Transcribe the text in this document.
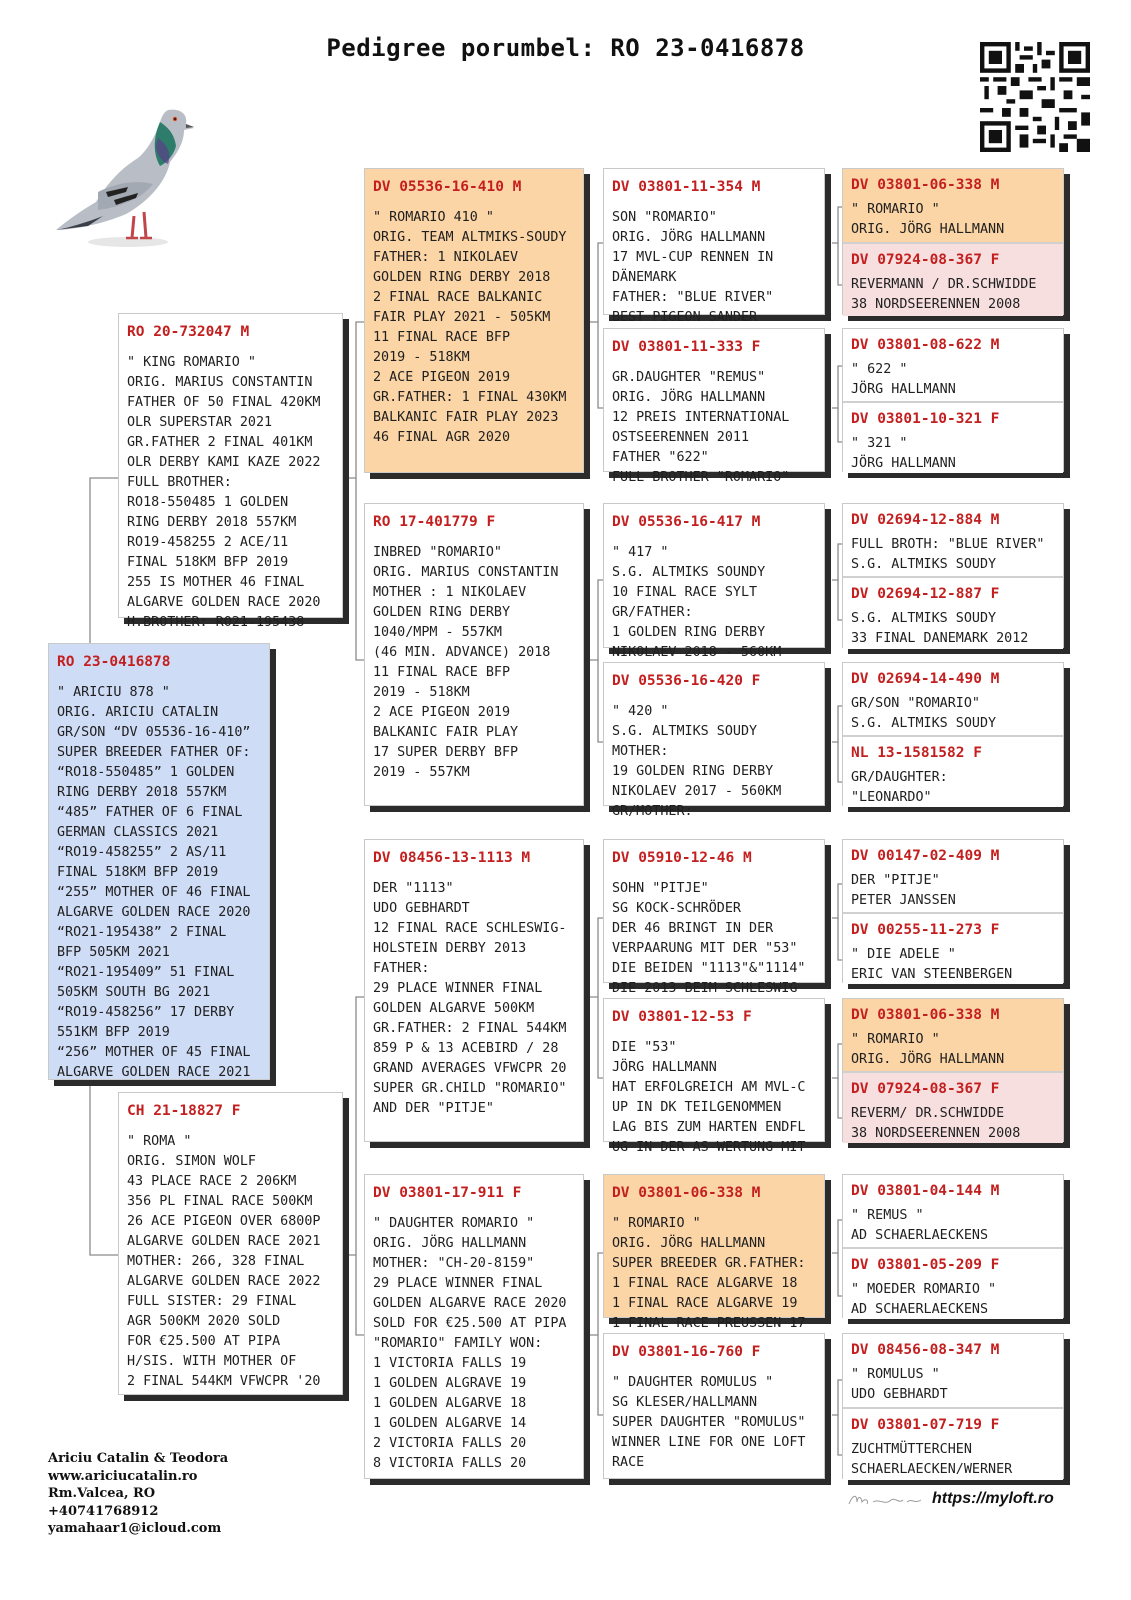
Pedigree porumbel: RO 23-0416878
RO 23-0416878
" ARICIU 878 "
ORIG. ARICIU CATALIN
GR/SON “DV 05536-16-410”
SUPER BREEDER FATHER OF:
“RO18-550485” 1 GOLDEN
RING DERBY 2018 557KM
“485” FATHER OF 6 FINAL
GERMAN CLASSICS 2021
“RO19-458255” 2 AS/11
FINAL 518KM BFP 2019
“255” MOTHER OF 46 FINAL
ALGARVE GOLDEN RACE 2020
“RO21-195438” 2 FINAL
BFP 505KM 2021
“RO21-195409” 51 FINAL
505KM SOUTH BG 2021
“RO19-458256” 17 DERBY
551KM BFP 2019
“256” MOTHER OF 45 FINAL
ALGARVE GOLDEN RACE 2021
RO 20-732047 M
" KING ROMARIO "
ORIG. MARIUS CONSTANTIN
FATHER OF 50 FINAL 420KM
OLR SUPERSTAR 2021
GR.FATHER 2 FINAL 401KM
OLR DERBY KAMI KAZE 2022
FULL BROTHER:
RO18-550485 1 GOLDEN
RING DERBY 2018 557KM
RO19-458255 2 ACE/11
FINAL 518KM BFP 2019
255 IS MOTHER 46 FINAL
ALGARVE GOLDEN RACE 2020
H.BROTHER: RO21-195438
CH 21-18827 F
" ROMA "
ORIG. SIMON WOLF
43 PLACE RACE 2 206KM
356 PL FINAL RACE 500KM
26 ACE PIGEON OVER 6800P
ALGARVE GOLDEN RACE 2021
MOTHER: 266, 328 FINAL
ALGARVE GOLDEN RACE 2022
FULL SISTER: 29 FINAL
AGR 500KM 2020 SOLD
FOR €25.500 AT PIPA
H/SIS. WITH MOTHER OF
2 FINAL 544KM VFWCPR '20
DV 05536-16-410 M
" ROMARIO 410 "
ORIG. TEAM ALTMIKS-SOUDY
FATHER: 1 NIKOLAEV
GOLDEN RING DERBY 2018
2 FINAL RACE BALKANIC
FAIR PLAY 2021 - 505KM
11 FINAL RACE BFP
2019 - 518KM
2 ACE PIGEON 2019
GR.FATHER: 1 FINAL 430KM
BALKANIC FAIR PLAY 2023
46 FINAL AGR 2020
RO 17-401779 F
INBRED "ROMARIO"
ORIG. MARIUS CONSTANTIN
MOTHER : 1 NIKOLAEV
GOLDEN RING DERBY
1040/MPM - 557KM
(46 MIN. ADVANCE) 2018
11 FINAL RACE BFP
2019 - 518KM
2 ACE PIGEON 2019
BALKANIC FAIR PLAY
17 SUPER DERBY BFP
2019 - 557KM
DV 08456-13-1113 M
DER "1113"
UDO GEBHARDT
12 FINAL RACE SCHLESWIG-
HOLSTEIN DERBY 2013
FATHER:
29 PLACE WINNER FINAL
GOLDEN ALGARVE 500KM
GR.FATHER: 2 FINAL 544KM
859 P & 13 ACEBIRD / 28
GRAND AVERAGES VFWCPR 20
SUPER GR.CHILD "ROMARIO"
AND DER "PITJE"
DV 03801-17-911 F
" DAUGHTER ROMARIO "
ORIG. JÖRG HALLMANN
MOTHER: "CH-20-8159"
29 PLACE WINNER FINAL
GOLDEN ALGARVE RACE 2020
SOLD FOR €25.500 AT PIPA
"ROMARIO" FAMILY WON:
1 VICTORIA FALLS 19
1 GOLDEN ALGRAVE 19
1 GOLDEN ALGARVE 18
1 GOLDEN ALGARVE 14
2 VICTORIA FALLS 20
8 VICTORIA FALLS 20
DV 03801-11-354 M
SON "ROMARIO"
ORIG. JÖRG HALLMANN
17 MVL-CUP RENNEN IN
DÄNEMARK
FATHER: "BLUE RIVER"
BEST PIGEON SANDER
DV 03801-11-333 F
GR.DAUGHTER "REMUS"
ORIG. JÖRG HALLMANN
12 PREIS INTERNATIONAL
OSTSEERENNEN 2011
FATHER "622"
FULL BROTHER "ROMARIO"
DV 05536-16-417 M
" 417 "
S.G. ALTMIKS SOUNDY
10 FINAL RACE SYLT
GR/FATHER:
1 GOLDEN RING DERBY
NIKOLAEV 2018 - 560KM
DV 05536-16-420 F
" 420 "
S.G. ALTMIKS SOUDY
MOTHER:
19 GOLDEN RING DERBY
NIKOLAEV 2017 - 560KM
GR/MOTHER:
DV 05910-12-46 M
SOHN "PITJE"
SG KOCK-SCHRÖDER
DER 46 BRINGT IN DER
VERPAARUNG MIT DER "53"
DIE BEIDEN "1113"&"1114"
DIE 2013 BEIM SCHLESWIG
DV 03801-12-53 F
DIE "53"
JÖRG HALLMANN
HAT ERFOLGREICH AM MVL-C
UP IN DK TEILGENOMMEN
LAG BIS ZUM HARTEN ENDFL
UG IN DER AS-WERTUNG MIT
DV 03801-06-338 M
" ROMARIO "
ORIG. JÖRG HALLMANN
SUPER BREEDER GR.FATHER:
1 FINAL RACE ALGARVE 18
1 FINAL RACE ALGARVE 19
1 FINAL RACE PREUSSEN 17
DV 03801-16-760 F
" DAUGHTER ROMULUS "
SG KLESER/HALLMANN
SUPER DAUGHTER "ROMULUS"
WINNER LINE FOR ONE LOFT
RACE
DV 03801-06-338 M
" ROMARIO "
ORIG. JÖRG HALLMANN
DV 07924-08-367 F
REVERMANN / DR.SCHWIDDE
38 NORDSEERENNEN 2008
DV 03801-08-622 M
" 622 "
JÖRG HALLMANN
DV 03801-10-321 F
" 321 "
JÖRG HALLMANN
DV 02694-12-884 M
FULL BROTH: "BLUE RIVER"
S.G. ALTMIKS SOUDY
DV 02694-12-887 F
S.G. ALTMIKS SOUDY
33 FINAL DANEMARK 2012
DV 02694-14-490 M
GR/SON "ROMARIO"
S.G. ALTMIKS SOUDY
NL 13-1581582 F
GR/DAUGHTER:
"LEONARDO"
DV 00147-02-409 M
DER "PITJE"
PETER JANSSEN
DV 00255-11-273 F
" DIE ADELE "
ERIC VAN STEENBERGEN
DV 03801-06-338 M
" ROMARIO "
ORIG. JÖRG HALLMANN
DV 07924-08-367 F
REVERM/ DR.SCHWIDDE
38 NORDSEERENNEN 2008
DV 03801-04-144 M
" REMUS "
AD SCHAERLAECKENS
DV 03801-05-209 F
" MOEDER ROMARIO "
AD SCHAERLAECKENS
DV 08456-08-347 M
" ROMULUS "
UDO GEBHARDT
DV 03801-07-719 F
ZUCHTMÜTTERCHEN
SCHAERLAECKEN/WERNER
Ariciu Catalin & Teodora
www.ariciucatalin.ro
Rm.Valcea, RO
+40741768912
yamahaar1@icloud.com
https://myloft.ro
